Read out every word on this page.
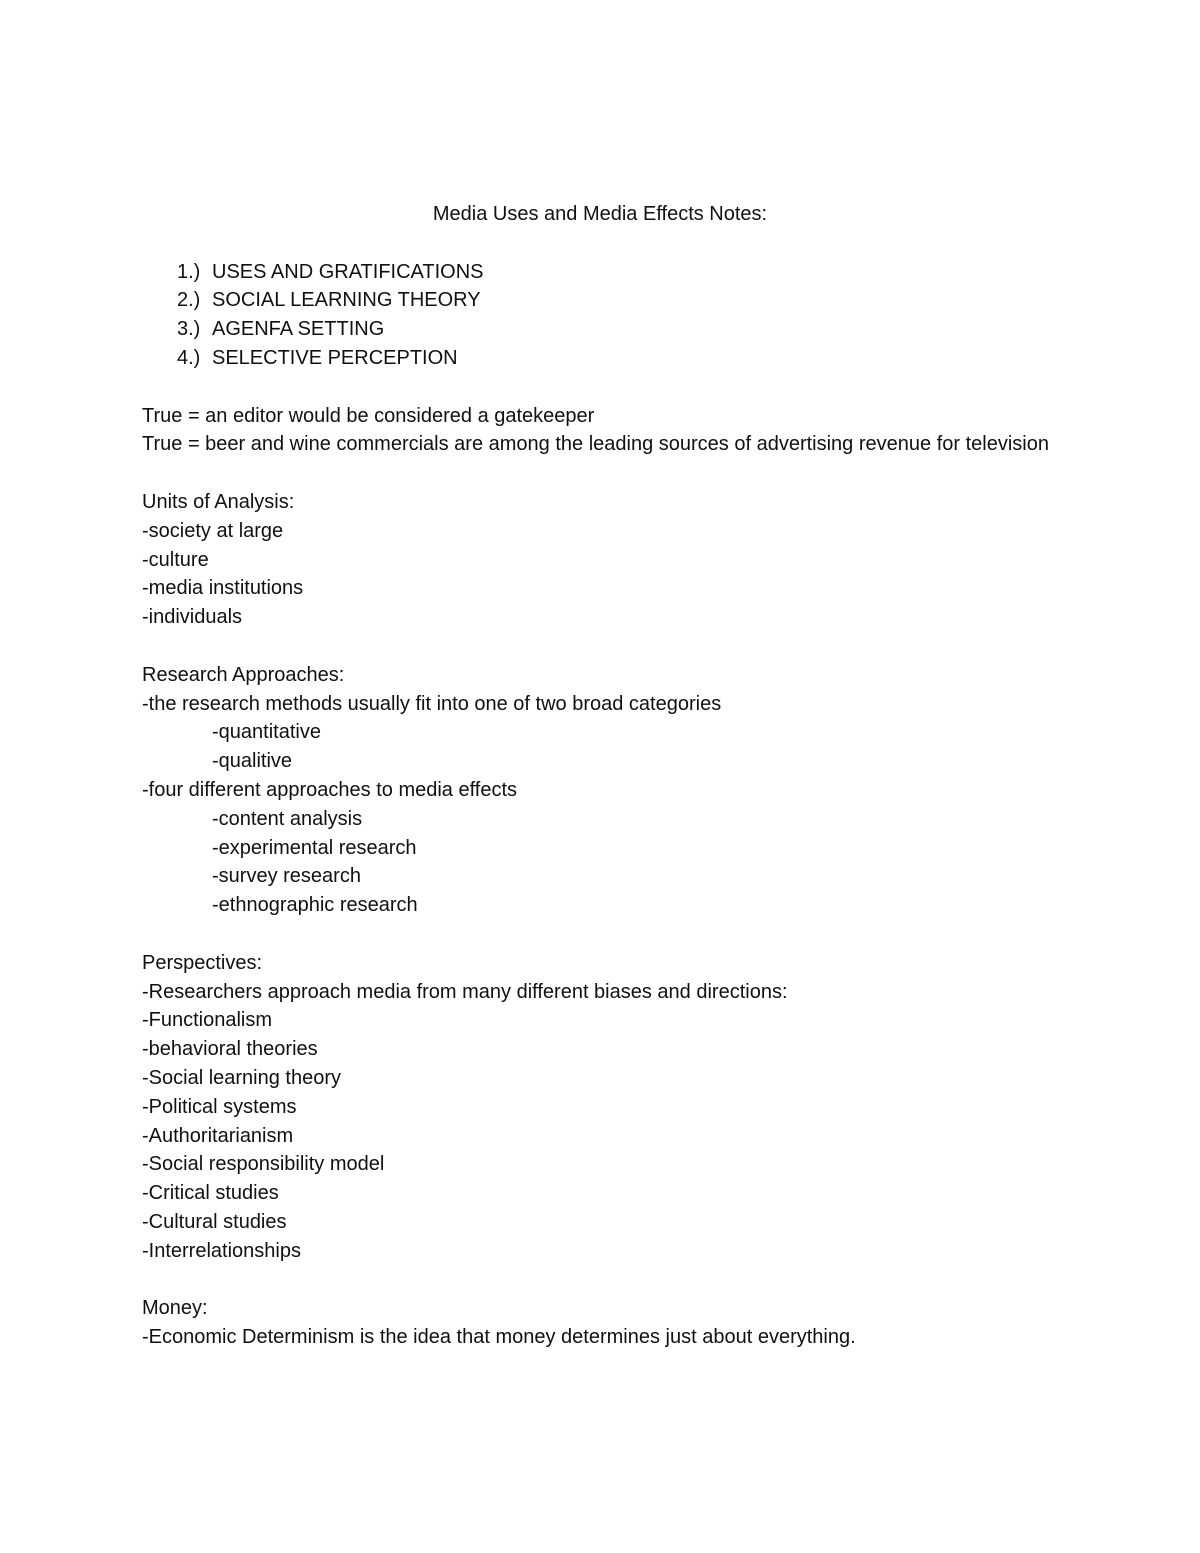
Media Uses and Media Effects Notes:

1.) USES AND GRATIFICATIONS
2.) SOCIAL LEARNING THEORY
3.) AGENFA SETTING
4.) SELECTIVE PERCEPTION

True = an editor would be considered a gatekeeper

True = beer and wine commercials are among the leading sources of advertising revenue for television

Units of Analysis:

-society at large

-culture

-media institutions

-individuals

Research Approaches:

-the research methods usually fit into one of two broad categories

-quantitative

-qualitive

-four different approaches to media effects

-content analysis

-experimental research

-survey research

-ethnographic research

Perspectives:

-Researchers approach media from many different biases and directions:

-Functionalism

-behavioral theories

-Social learning theory

-Political systems

-Authoritarianism

-Social responsibility model

-Critical studies

-Cultural studies

-Interrelationships

Money:

-Economic Determinism is the idea that money determines just about everything.
